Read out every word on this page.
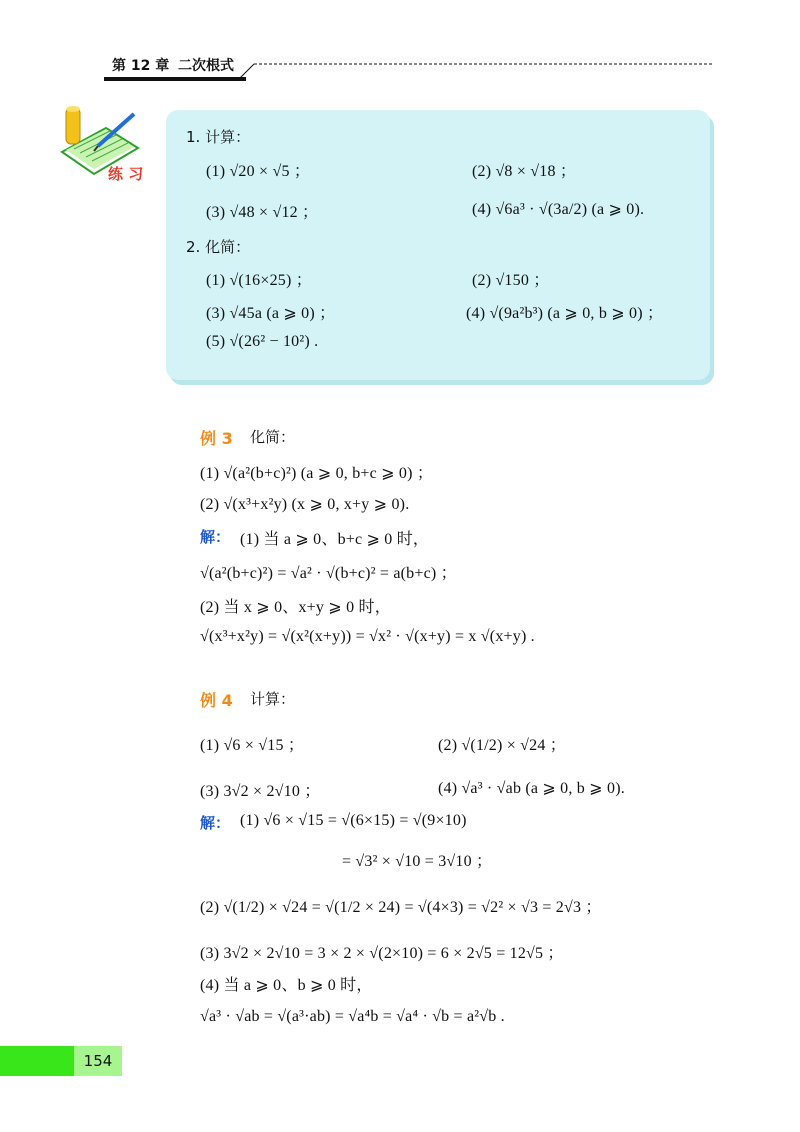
第 12 章 二次根式
练 习
1. 计算：
(1) √20 × √5 ；	(2) √8 × √18 ；
(3) √48 × √12 ；	(4) √6a³ · √(3a/2) (a ⩾ 0).
2. 化简：
(1) √(16×25) ；	(2) √150 ；
(3) √45a (a ⩾ 0) ；	(4) √(9a²b³) (a ⩾ 0, b ⩾ 0) ；
(5) √(26² − 10²) .
例 3 化简：
(1) √(a²(b+c)²) (a ⩾ 0, b+c ⩾ 0) ；
(2) √(x³+x²y) (x ⩾ 0, x+y ⩾ 0).
解： (1) 当 a ⩾ 0、b+c ⩾ 0 时，
√(a²(b+c)²) = √a² · √(b+c)² = a(b+c) ；
(2) 当 x ⩾ 0、x+y ⩾ 0 时，
√(x³+x²y) = √(x²(x+y)) = √x² · √(x+y) = x √(x+y) .
例 4 计算：
(1) √6 × √15 ；	(2) √(1/2) × √24 ；
(3) 3√2 × 2√10 ；	(4) √a³ · √ab (a ⩾ 0, b ⩾ 0).
解： (1) √6 × √15 = √(6×15) = √(9×10)
= √3² × √10 = 3√10 ；
(2) √(1/2) × √24 = √(1/2 × 24) = √(4×3) = √2² × √3 = 2√3 ；
(3) 3√2 × 2√10 = 3 × 2 × √(2×10) = 6 × 2√5 = 12√5 ；
(4) 当 a ⩾ 0、b ⩾ 0 时，
√a³ · √ab = √(a³·ab) = √a⁴b = √a⁴ · √b = a²√b .
154
